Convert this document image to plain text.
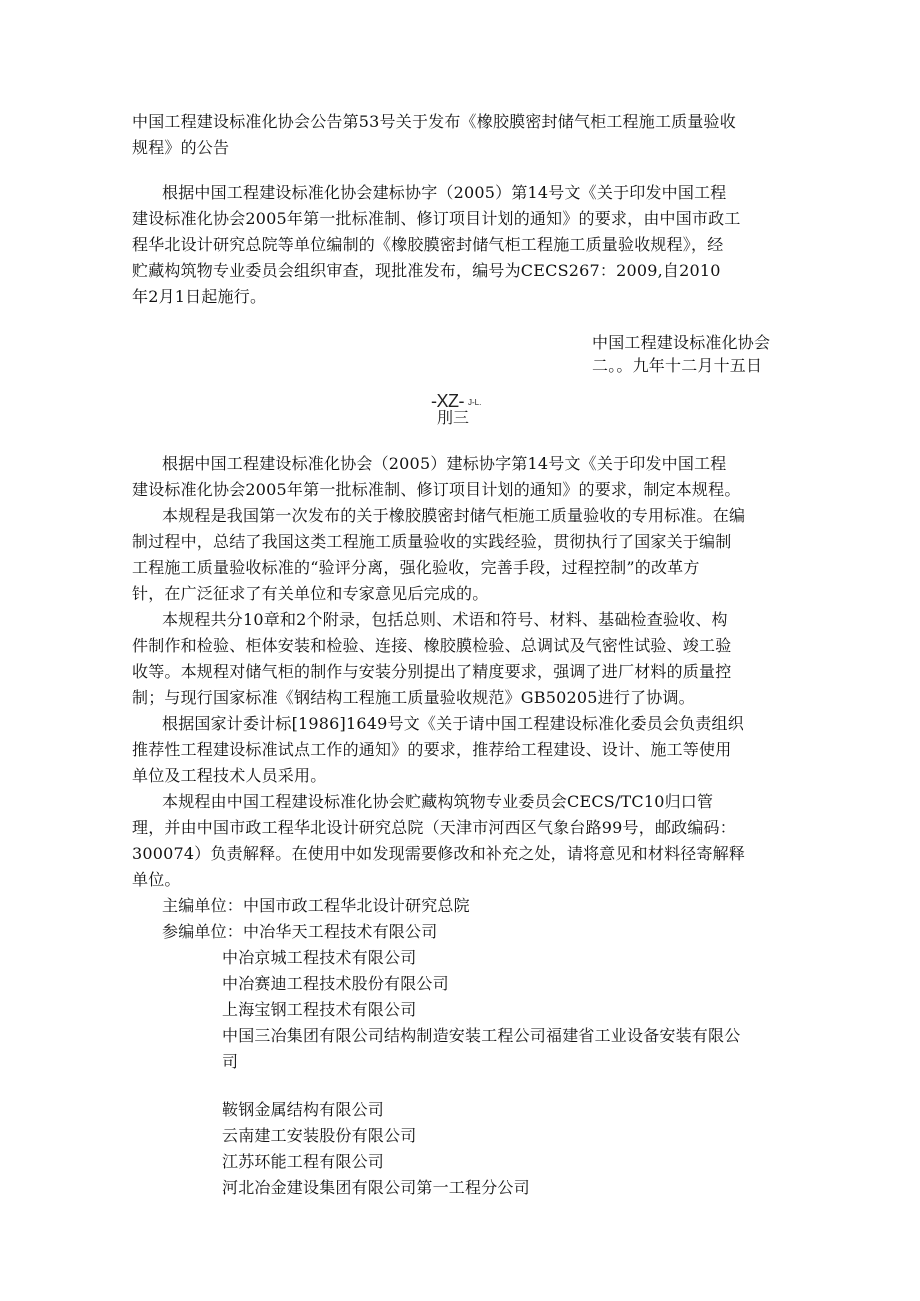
中国工程建设标准化协会公告第53号关于发布《橡胶膜密封储气柜工程施工质量验收
规程》的公告
根据中国工程建设标准化协会建标协字（2005）第14号文《关于印发中国工程
建设标准化协会2005年第一批标准制、修订项目计划的通知》的要求，由中国市政工
程华北设计研究总院等单位编制的《橡胶膜密封储气柜工程施工质量验收规程》，经
贮藏构筑物专业委员会组织审查，现批准发布，编号为CECS267：2009,自2010
年2月1日起施行。
中国工程建设标准化协会
二。。九年十二月十五日
-XZ- J-L.
刖三
根据中国工程建设标准化协会（2005）建标协字第14号文《关于印发中国工程
建设标准化协会2005年第一批标准制、修订项目计划的通知》的要求，制定本规程。
本规程是我国第一次发布的关于橡胶膜密封储气柜施工质量验收的专用标准。在编
制过程中，总结了我国这类工程施工质量验收的实践经验，贯彻执行了国家关于编制
工程施工质量验收标准的“验评分离，强化验收，完善手段，过程控制”的改革方
针，在广泛征求了有关单位和专家意见后完成的。
本规程共分10章和2个附录，包括总则、术语和符号、材料、基础检查验收、构
件制作和检验、柜体安装和检验、连接、橡胶膜检验、总调试及气密性试验、竣工验
收等。本规程对储气柜的制作与安装分别提出了精度要求，强调了进厂材料的质量控
制；与现行国家标准《钢结构工程施工质量验收规范》GB50205进行了协调。
根据国家计委计标[1986]1649号文《关于请中国工程建设标准化委员会负责组织
推荐性工程建设标准试点工作的通知》的要求，推荐给工程建设、设计、施工等使用
单位及工程技术人员采用。
本规程由中国工程建设标准化协会贮藏构筑物专业委员会CECS/TC10归口管
理，并由中国市政工程华北设计研究总院（天津市河西区气象台路99号，邮政编码：
300074）负责解释。在使用中如发现需要修改和补充之处，请将意见和材料径寄解释
单位。
主编单位：中国市政工程华北设计研究总院
参编单位：中冶华天工程技术有限公司
中冶京城工程技术有限公司
中冶赛迪工程技术股份有限公司
上海宝钢工程技术有限公司
中国三冶集团有限公司结构制造安装工程公司福建省工业设备安装有限公
司
鞍钢金属结构有限公司
云南建工安装股份有限公司
江苏环能工程有限公司
河北冶金建设集团有限公司第一工程分公司
